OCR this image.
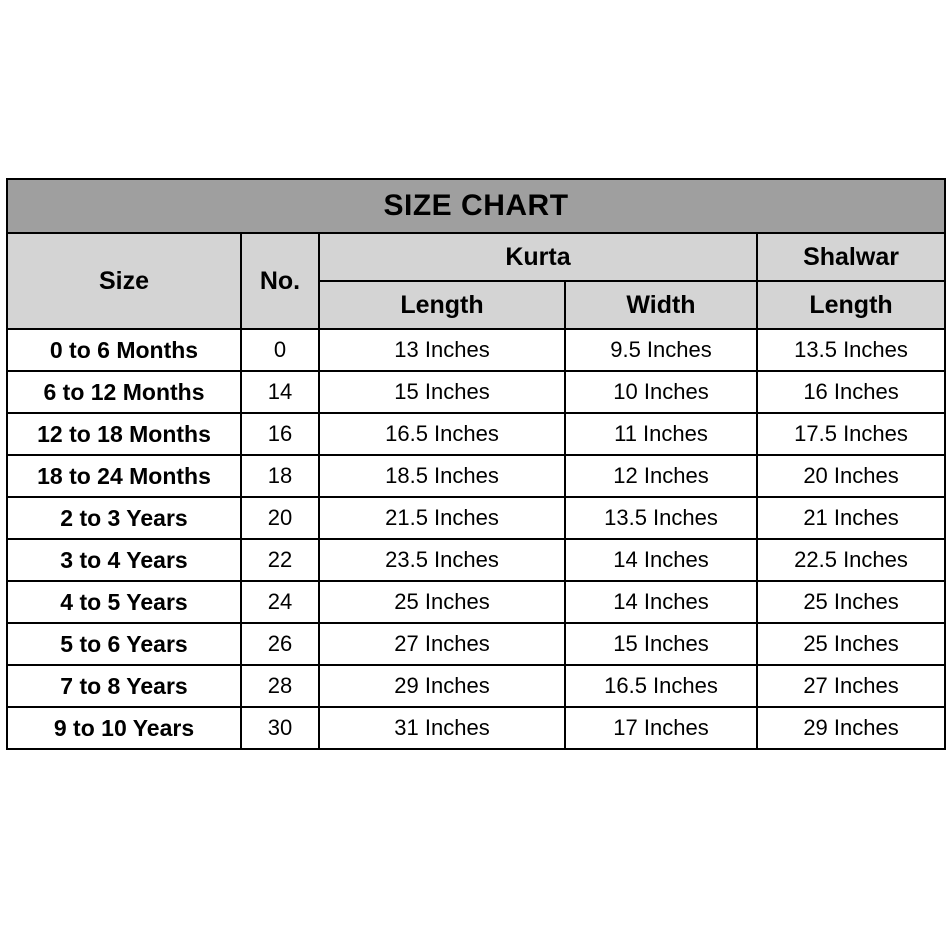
SIZE CHART				
Size	No.	Kurta		Shalwar
		Length	Width	Length
0 to 6 Months	0	13 Inches	9.5 Inches	13.5 Inches
6 to 12 Months	14	15 Inches	10 Inches	16 Inches
12 to 18 Months	16	16.5 Inches	11 Inches	17.5 Inches
18 to 24 Months	18	18.5 Inches	12 Inches	20 Inches
2 to 3 Years	20	21.5 Inches	13.5 Inches	21 Inches
3 to 4 Years	22	23.5 Inches	14 Inches	22.5 Inches
4 to 5 Years	24	25 Inches	14 Inches	25 Inches
5 to 6 Years	26	27 Inches	15 Inches	25 Inches
7 to 8 Years	28	29 Inches	16.5 Inches	27 Inches
9 to 10 Years	30	31 Inches	17 Inches	29 Inches
